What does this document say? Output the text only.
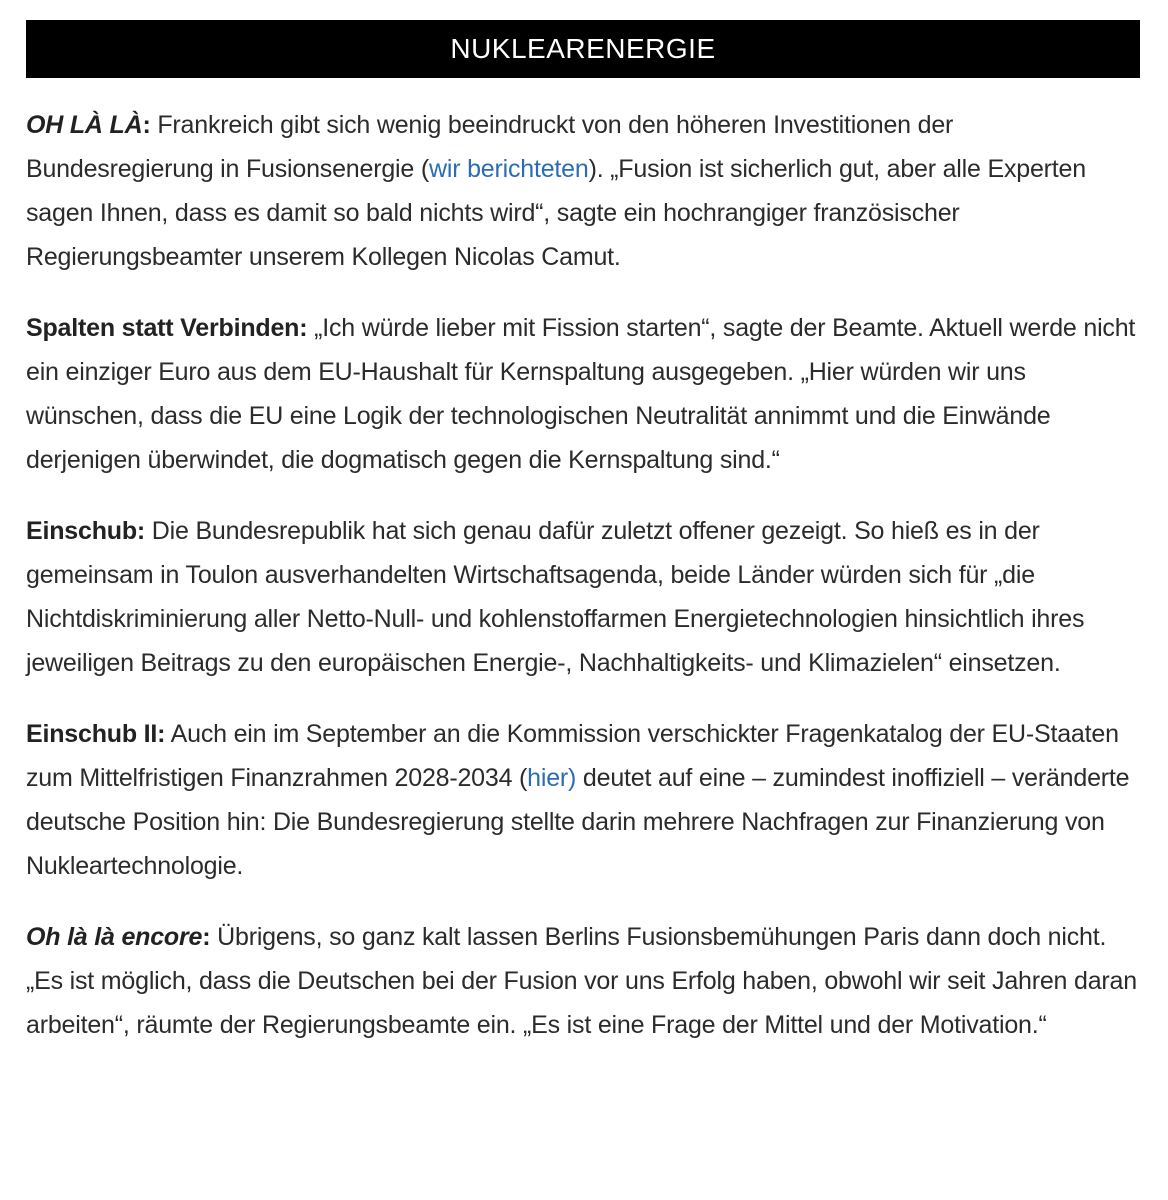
NUKLEARENERGIE

OH LÀ LÀ: Frankreich gibt sich wenig beeindruckt von den höheren Investitionen der Bundesregierung in Fusionsenergie (wir berichteten). „Fusion ist sicherlich gut, aber alle Experten sagen Ihnen, dass es damit so bald nichts wird“, sagte ein hochrangiger französischer Regierungsbeamter unserem Kollegen Nicolas Camut.

Spalten statt Verbinden: „Ich würde lieber mit Fission starten“, sagte der Beamte. Aktuell werde nicht ein einziger Euro aus dem EU-Haushalt für Kernspaltung ausgegeben. „Hier würden wir uns wünschen, dass die EU eine Logik der technologischen Neutralität annimmt und die Einwände derjenigen überwindet, die dogmatisch gegen die Kernspaltung sind.“

Einschub: Die Bundesrepublik hat sich genau dafür zuletzt offener gezeigt. So hieß es in der gemeinsam in Toulon ausverhandelten Wirtschaftsagenda, beide Länder würden sich für „die Nichtdiskriminierung aller Netto-Null- und kohlenstoffarmen Energietechnologien hinsichtlich ihres jeweiligen Beitrags zu den europäischen Energie-, Nachhaltigkeits- und Klimazielen“ einsetzen.

Einschub II: Auch ein im September an die Kommission verschickter Fragenkatalog der EU-Staaten zum Mittelfristigen Finanzrahmen 2028-2034 (hier) deutet auf eine – zumindest inoffiziell – veränderte deutsche Position hin: Die Bundesregierung stellte darin mehrere Nachfragen zur Finanzierung von Nukleartechnologie.

Oh là là encore: Übrigens, so ganz kalt lassen Berlins Fusionsbemühungen Paris dann doch nicht. „Es ist möglich, dass die Deutschen bei der Fusion vor uns Erfolg haben, obwohl wir seit Jahren daran arbeiten“, räumte der Regierungsbeamte ein. „Es ist eine Frage der Mittel und der Motivation.“
